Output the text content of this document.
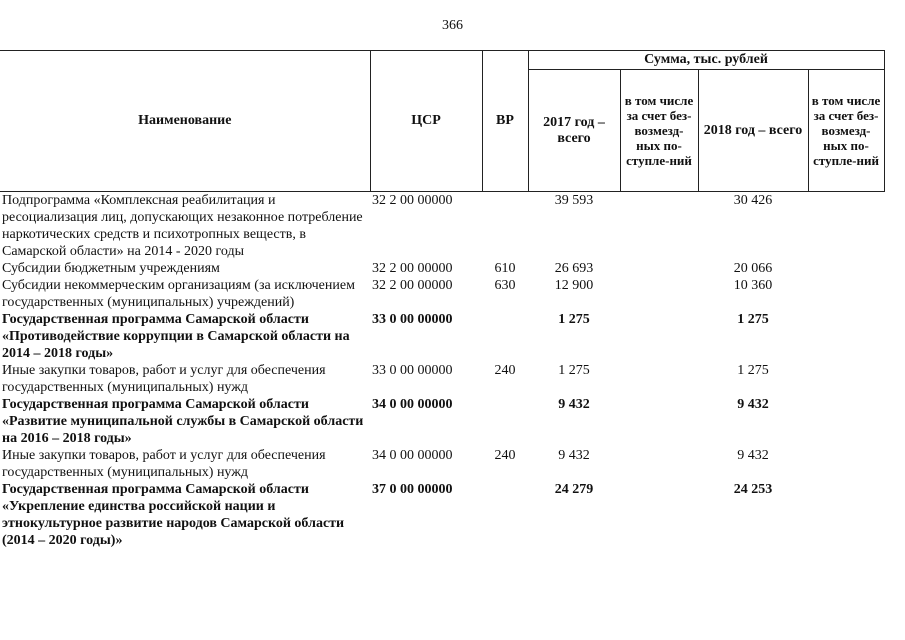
366
Наименование	ЦСР	ВР	Сумма, тыс. рублей			
			2017 год – всего	в том числе за счет без-возмезд-ных по-ступле-ний	2018 год – всего	в том числе за счет без-возмезд-ных по-ступле-ний
Подпрограмма «Комплексная реабилитация и ресоциализация лиц, допускающих незаконное потребление наркотических средств и психотропных веществ, в Самарской области» на 2014 - 2020 годы	32 2 00 00000		39 593		30 426	
Субсидии бюджетным учреждениям	32 2 00 00000	610	26 693		20 066	
Субсидии некоммерческим организациям (за исключением государственных (муниципальных) учреждений)	32 2 00 00000	630	12 900		10 360	
Государственная программа Самарской области «Противодействие коррупции в Самарской области на 2014 – 2018 годы»	33 0 00 00000		1 275		1 275	
Иные закупки товаров, работ и услуг для обеспечения государственных (муниципальных) нужд	33 0 00 00000	240	1 275		1 275	
Государственная программа Самарской области «Развитие муниципальной службы в Самарской области на 2016 – 2018 годы»	34 0 00 00000		9 432		9 432	
Иные закупки товаров, работ и услуг для обеспечения государственных (муниципальных) нужд	34 0 00 00000	240	9 432		9 432	
Государственная программа Самарской области «Укрепление единства российской нации и этнокультурное развитие народов Самарской области (2014 – 2020 годы)»	37 0 00 00000		24 279		24 253	
